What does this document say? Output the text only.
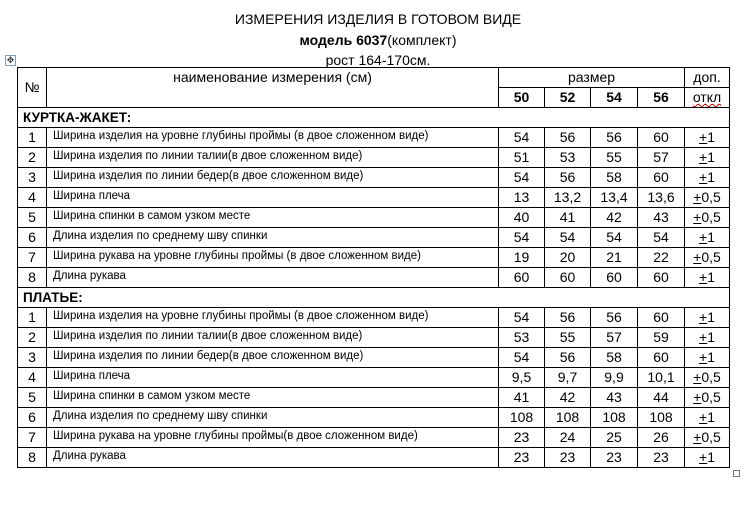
ИЗМЕРЕНИЯ ИЗДЕЛИЯ В ГОТОВОМ ВИДЕ
модель 6037(комплект)
рост 164-170см.
✥
№	наименование измерения (см)	размер				доп.
		50	52	54	56	откл
КУРТКА-ЖАКЕТ:						
1	Ширина изделия на уровне глубины проймы (в двое сложенном виде)	54	56	56	60	+1
2	Ширина изделия по линии талии(в двое сложенном виде)	51	53	55	57	+1
3	Ширина изделия по линии бедер(в двое сложенном виде)	54	56	58	60	+1
4	Ширина плеча	13	13,2	13,4	13,6	+0,5
5	Ширина спинки в самом узком месте	40	41	42	43	+0,5
6	Длина изделия по среднему шву спинки	54	54	54	54	+1
7	Ширина рукава на уровне глубины проймы (в двое сложенном виде)	19	20	21	22	+0,5
8	Длина рукава	60	60	60	60	+1
ПЛАТЬЕ:						
1	Ширина изделия на уровне глубины проймы (в двое сложенном виде)	54	56	56	60	+1
2	Ширина изделия по линии талии(в двое сложенном виде)	53	55	57	59	+1
3	Ширина изделия по линии бедер(в двое сложенном виде)	54	56	58	60	+1
4	Ширина плеча	9,5	9,7	9,9	10,1	+0,5
5	Ширина спинки в самом узком месте	41	42	43	44	+0,5
6	Длина изделия по среднему шву спинки	108	108	108	108	+1
7	Ширина рукава на уровне глубины проймы(в двое сложенном виде)	23	24	25	26	+0,5
8	Длина рукава	23	23	23	23	+1
